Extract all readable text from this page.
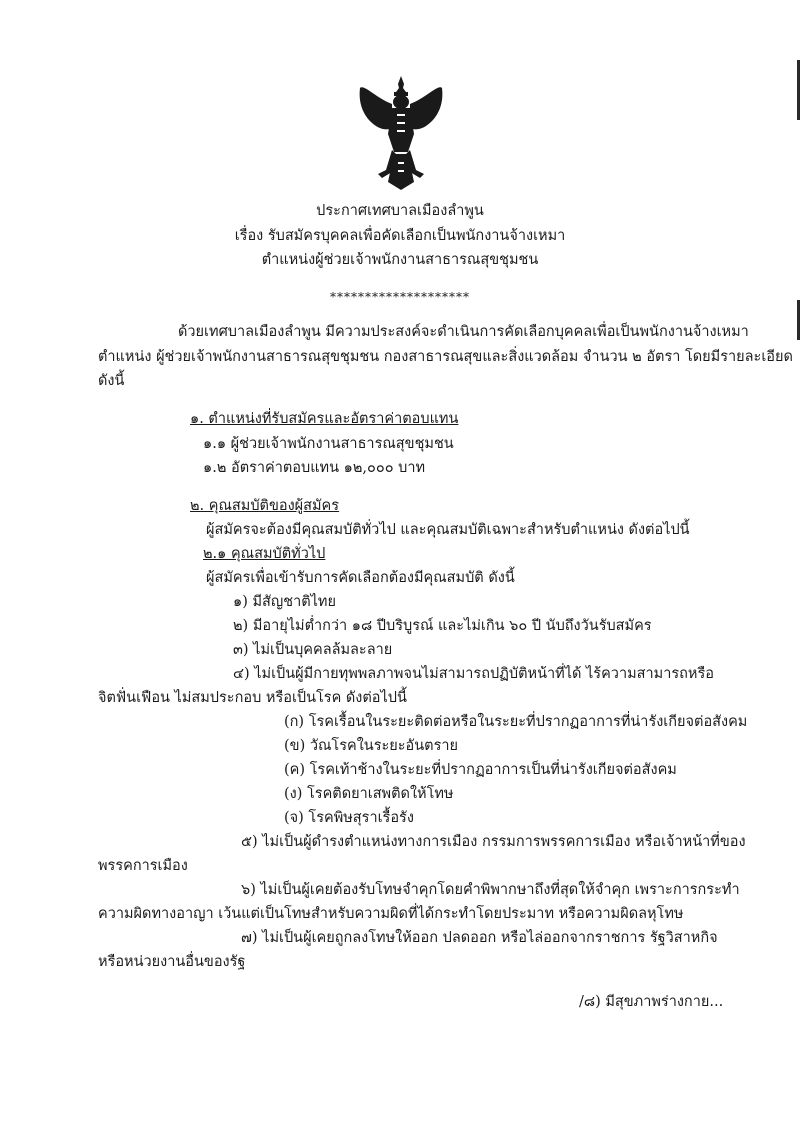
ประกาศเทศบาลเมืองลำพูน
เรื่อง รับสมัครบุคคลเพื่อคัดเลือกเป็นพนักงานจ้างเหมา
ตำแหน่งผู้ช่วยเจ้าพนักงานสาธารณสุขชุมชน
********************
ด้วยเทศบาลเมืองลำพูน มีความประสงค์จะดำเนินการคัดเลือกบุคคลเพื่อเป็นพนักงานจ้างเหมา
ตำแหน่ง ผู้ช่วยเจ้าพนักงานสาธารณสุขชุมชน กองสาธารณสุขและสิ่งแวดล้อม จำนวน ๒ อัตรา โดยมีรายละเอียด
ดังนี้
๑. ตำแหน่งที่รับสมัครและอัตราค่าตอบแทน
๑.๑ ผู้ช่วยเจ้าพนักงานสาธารณสุขชุมชน
๑.๒ อัตราค่าตอบแทน ๑๒,๐๐๐ บาท
๒. คุณสมบัติของผู้สมัคร
ผู้สมัครจะต้องมีคุณสมบัติทั่วไป และคุณสมบัติเฉพาะสำหรับตำแหน่ง ดังต่อไปนี้
๒.๑ คุณสมบัติทั่วไป
ผู้สมัครเพื่อเข้ารับการคัดเลือกต้องมีคุณสมบัติ ดังนี้
๑) มีสัญชาติไทย
๒) มีอายุไม่ต่ำกว่า ๑๘ ปีบริบูรณ์ และไม่เกิน ๖๐ ปี นับถึงวันรับสมัคร
๓) ไม่เป็นบุคคลล้มละลาย
๔) ไม่เป็นผู้มีกายทุพพลภาพจนไม่สามารถปฏิบัติหน้าที่ได้ ไร้ความสามารถหรือ
จิตฟั่นเฟือน ไม่สมประกอบ หรือเป็นโรค ดังต่อไปนี้
(ก) โรคเรื้อนในระยะติดต่อหรือในระยะที่ปรากฏอาการที่น่ารังเกียจต่อสังคม
(ข) วัณโรคในระยะอันตราย
(ค) โรคเท้าช้างในระยะที่ปรากฏอาการเป็นที่น่ารังเกียจต่อสังคม
(ง) โรคติดยาเสพติดให้โทษ
(จ) โรคพิษสุราเรื้อรัง
๕) ไม่เป็นผู้ดำรงตำแหน่งทางการเมือง กรรมการพรรคการเมือง หรือเจ้าหน้าที่ของ
พรรคการเมือง
๖) ไม่เป็นผู้เคยต้องรับโทษจำคุกโดยคำพิพากษาถึงที่สุดให้จำคุก เพราะการกระทำ
ความผิดทางอาญา เว้นแต่เป็นโทษสำหรับความผิดที่ได้กระทำโดยประมาท หรือความผิดลหุโทษ
๗) ไม่เป็นผู้เคยถูกลงโทษให้ออก ปลดออก หรือไล่ออกจากราชการ รัฐวิสาหกิจ
หรือหน่วยงานอื่นของรัฐ
/๘) มีสุขภาพร่างกาย...
